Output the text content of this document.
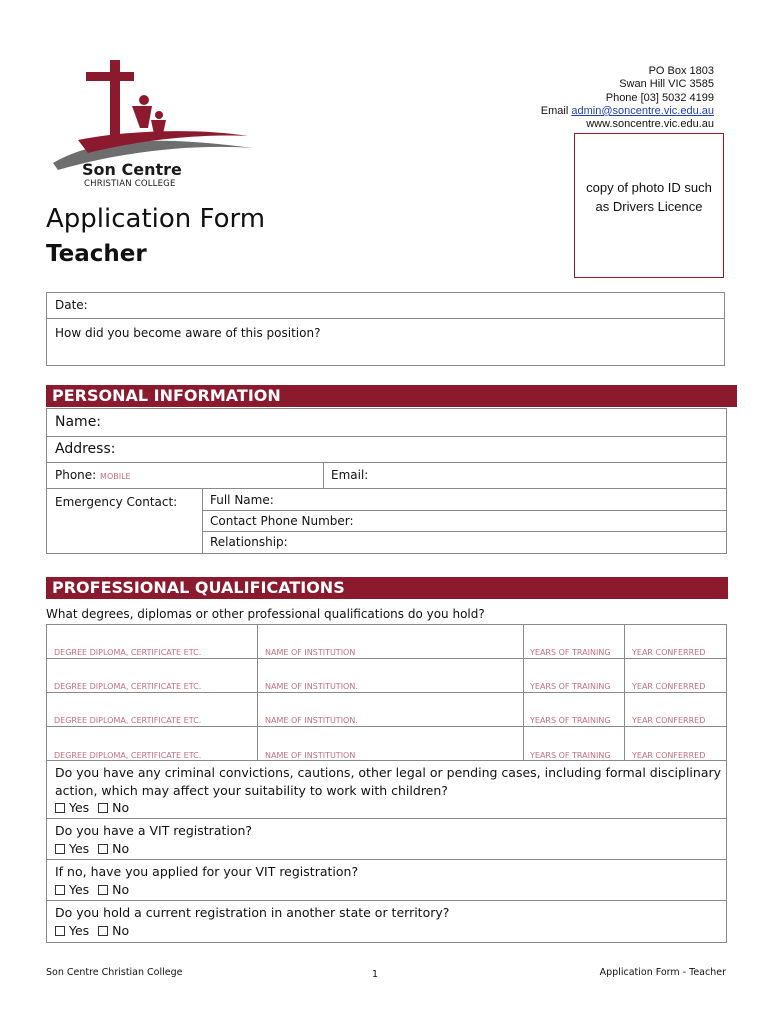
Son Centre
CHRISTIAN COLLEGE
PO Box 1803
Swan Hill VIC 3585
Phone [03] 5032 4199
Email admin@soncentre.vic.edu.au
www.soncentre.vic.edu.au
copy of photo ID such as Drivers Licence
Application Form
Teacher
Date:
How did you become aware of this position?
PERSONAL INFORMATION
Name:
Address:
Phone: MOBILE	Email:
Emergency Contact:	Full Name:
Contact Phone Number:
Relationship:
PROFESSIONAL QUALIFICATIONS
What degrees, diplomas or other professional qualifications do you hold?
DEGREE DIPLOMA, CERTIFICATE ETC.	NAME OF INSTITUTION	YEARS OF TRAINING	YEAR CONFERRED
DEGREE DIPLOMA, CERTIFICATE ETC.	NAME OF INSTITUTION.	YEARS OF TRAINING	YEAR CONFERRED
DEGREE DIPLOMA, CERTIFICATE ETC.	NAME OF INSTITUTION.	YEARS OF TRAINING	YEAR CONFERRED
DEGREE DIPLOMA, CERTIFICATE ETC.	NAME OF INSTITUTION	YEARS OF TRAINING	YEAR CONFERRED
Do you have any criminal convictions, cautions, other legal or pending cases, including formal disciplinary action, which may affect your suitability to work with children?
Yes No
Do you have a VIT registration?
Yes No
If no, have you applied for your VIT registration?
Yes No
Do you hold a current registration in another state or territory?
Yes No
Son Centre Christian College	1	Application Form - Teacher
